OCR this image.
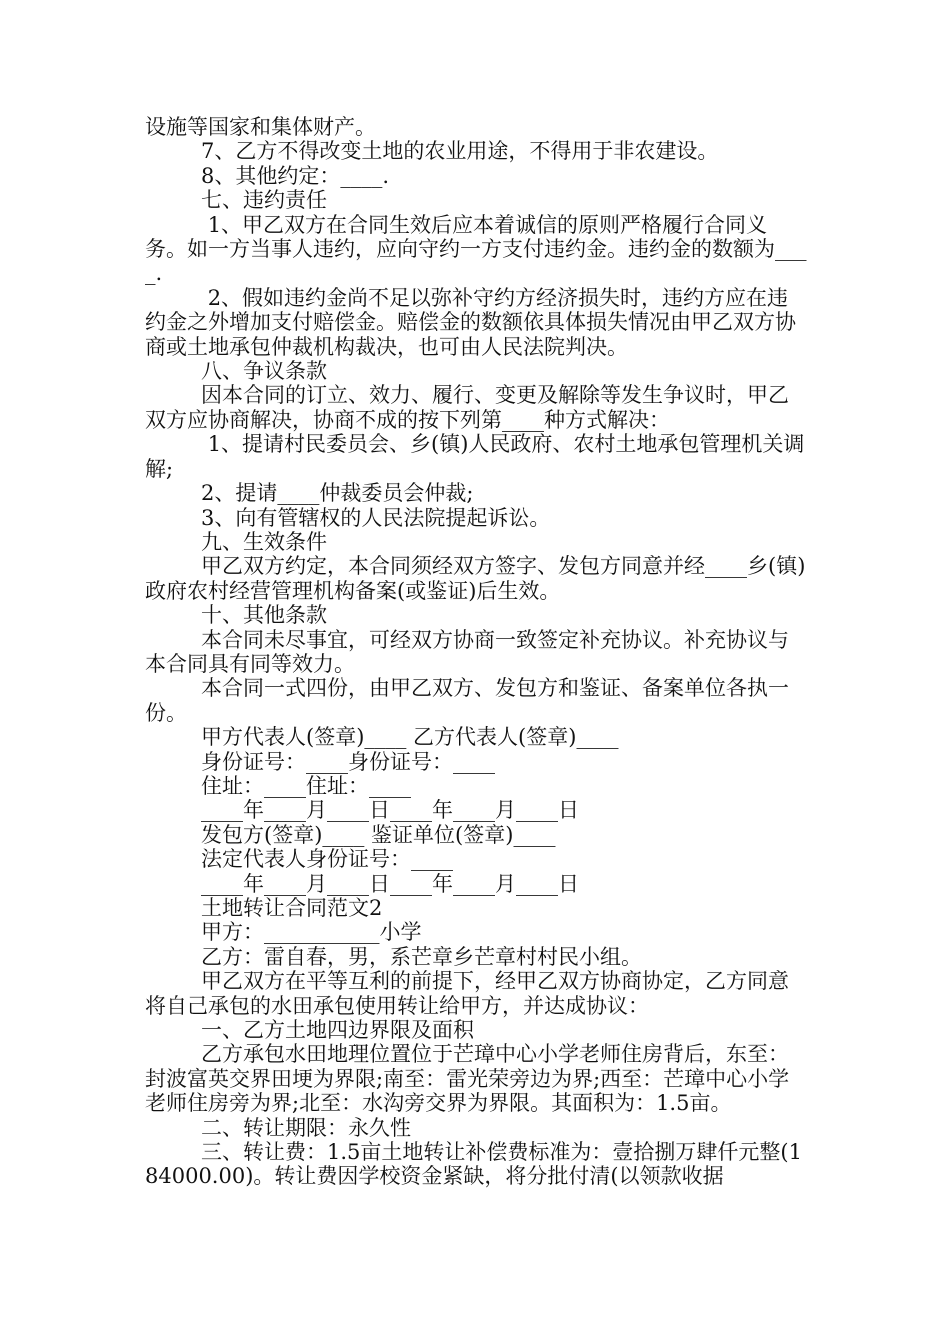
设施等国家和集体财产。

7、乙方不得改变土地的农业用途，不得用于非农建设。

8、其他约定：____.

七、违约责任

1、甲乙双方在合同生效后应本着诚信的原则严格履行合同义务。如一方当事人违约，应向守约一方支付违约金。违约金的数额为____.

2、假如违约金尚不足以弥补守约方经济损失时，违约方应在违约金之外增加支付赔偿金。赔偿金的数额依具体损失情况由甲乙双方协商或土地承包仲裁机构裁决，也可由人民法院判决。

八、争议条款

因本合同的订立、效力、履行、变更及解除等发生争议时，甲乙双方应协商解决，协商不成的按下列第____种方式解决：

1、提请村民委员会、乡(镇)人民政府、农村土地承包管理机关调解;

2、提请____仲裁委员会仲裁;

3、向有管辖权的人民法院提起诉讼。

九、生效条件

甲乙双方约定，本合同须经双方签字、发包方同意并经____乡(镇)政府农村经营管理机构备案(或鉴证)后生效。

十、其他条款

本合同未尽事宜，可经双方协商一致签定补充协议。补充协议与本合同具有同等效力。

本合同一式四份，由甲乙双方、发包方和鉴证、备案单位各执一份。

甲方代表人(签章)____ 乙方代表人(签章)____

身份证号：____身份证号：____

住址：____住址：____

____年____月____日____年____月____日

发包方(签章)____ 鉴证单位(签章)____

法定代表人身份证号：____

____年____月____日____年____月____日

土地转让合同范文2

甲方：___________小学

乙方：雷自春，男，系芒章乡芒章村村民小组。

甲乙双方在平等互利的前提下，经甲乙双方协商协定，乙方同意将自己承包的水田承包使用转让给甲方，并达成协议：

一、乙方土地四边界限及面积

乙方承包水田地理位置位于芒璋中心小学老师住房背后，东至：封波富英交界田埂为界限;南至：雷光荣旁边为界;西至：芒璋中心小学老师住房旁为界;北至：水沟旁交界为界限。其面积为：1.5亩。

二、转让期限：永久性

三、转让费：1.5亩土地转让补偿费标准为：壹拾捌万肆仟元整(184000.00)。转让费因学校资金紧缺，将分批付清(以领款收据
